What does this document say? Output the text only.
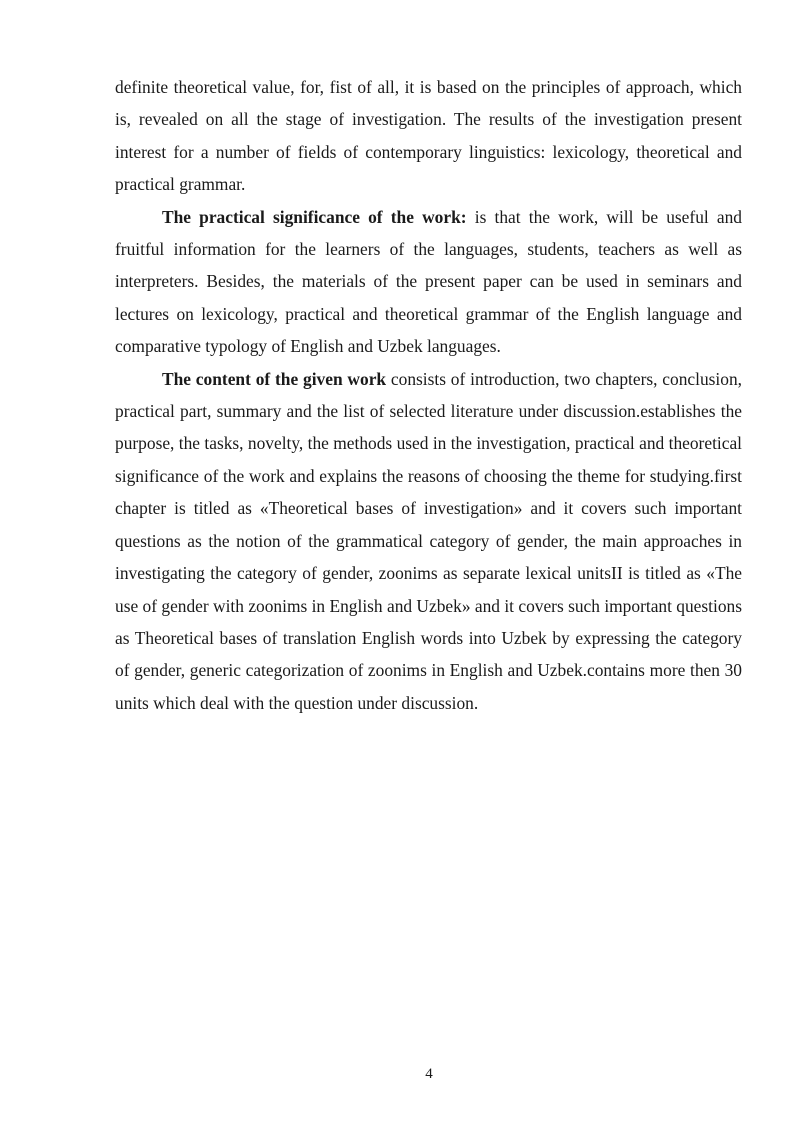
definite theoretical value, for, fist of all, it is based on the principles of approach, which is, revealed on all the stage of investigation. The results of the investigation present interest for a number of fields of contemporary linguistics: lexicology, theoretical and practical grammar.

The practical significance of the work: is that the work, will be useful and fruitful information for the learners of the languages, students, teachers as well as interpreters. Besides, the materials of the present paper can be used in seminars and lectures on lexicology, practical and theoretical grammar of the English language and comparative typology of English and Uzbek languages.

The content of the given work consists of introduction, two chapters, conclusion, practical part, summary and the list of selected literature under discussion.establishes the purpose, the tasks, novelty, the methods used in the investigation, practical and theoretical significance of the work and explains the reasons of choosing the theme for studying.first chapter is titled as «Theoretical bases of investigation» and it covers such important questions as the notion of the grammatical category of gender, the main approaches in investigating the category of gender, zoonims as separate lexical unitsII is titled as «The use of gender with zoonims in English and Uzbek» and it covers such important questions as Theoretical bases of translation English words into Uzbek by expressing the category of gender, generic categorization of zoonims in English and Uzbek.contains more then 30 units which deal with the question under discussion.

4
